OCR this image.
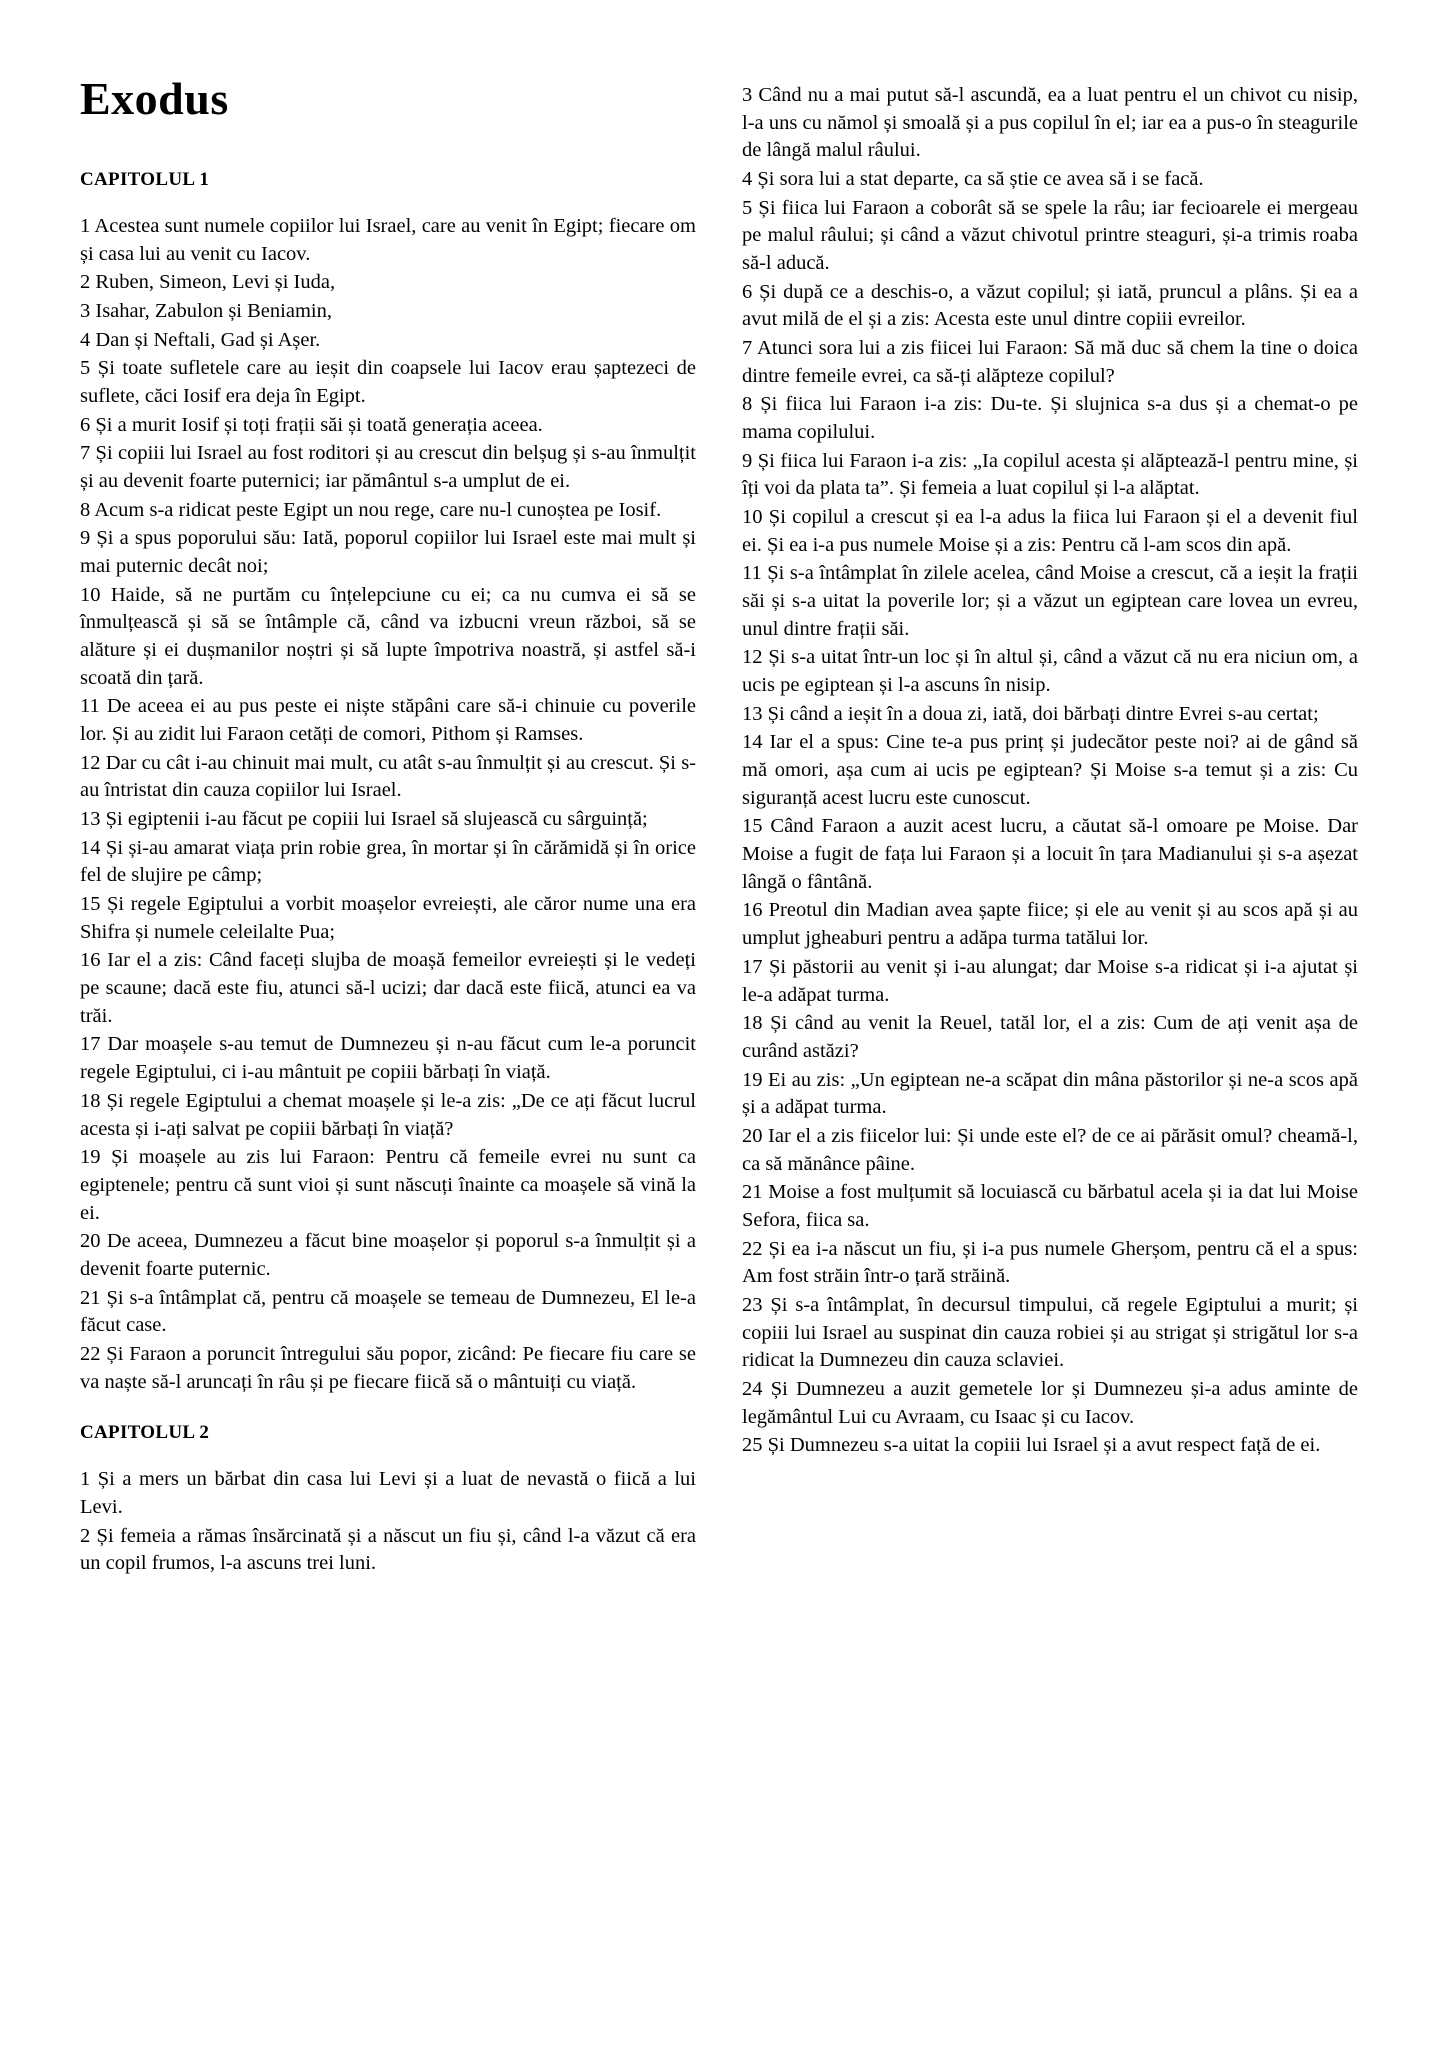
Exodus
CAPITOLUL 1

1 Acestea sunt numele copiilor lui Israel, care au venit în Egipt; fiecare om și casa lui au venit cu Iacov.

2 Ruben, Simeon, Levi și Iuda,

3 Isahar, Zabulon și Beniamin,

4 Dan și Neftali, Gad și Așer.

5 Și toate sufletele care au ieșit din coapsele lui Iacov erau șaptezeci de suflete, căci Iosif era deja în Egipt.

6 Și a murit Iosif și toți frații săi și toată generația aceea.

7 Și copiii lui Israel au fost roditori și au crescut din belșug și s-au înmulțit și au devenit foarte puternici; iar pământul s-a umplut de ei.

8 Acum s-a ridicat peste Egipt un nou rege, care nu-l cunoștea pe Iosif.

9 Și a spus poporului său: Iată, poporul copiilor lui Israel este mai mult și mai puternic decât noi;

10 Haide, să ne purtăm cu înțelepciune cu ei; ca nu cumva ei să se înmulțească și să se întâmple că, când va izbucni vreun război, să se alăture și ei dușmanilor noștri și să lupte împotriva noastră, și astfel să-i scoată din țară.

11 De aceea ei au pus peste ei niște stăpâni care să-i chinuie cu poverile lor. Și au zidit lui Faraon cetăți de comori, Pithom și Ramses.

12 Dar cu cât i-au chinuit mai mult, cu atât s-au înmulțit și au crescut. Și s-au întristat din cauza copiilor lui Israel.

13 Și egiptenii i-au făcut pe copiii lui Israel să slujească cu sârguință;

14 Și și-au amarat viața prin robie grea, în mortar și în cărămidă și în orice fel de slujire pe câmp;

15 Și regele Egiptului a vorbit moașelor evreiești, ale căror nume una era Shifra și numele celeilalte Pua;

16 Iar el a zis: Când faceți slujba de moașă femeilor evreiești și le vedeți pe scaune; dacă este fiu, atunci să-l ucizi; dar dacă este fiică, atunci ea va trăi.

17 Dar moașele s-au temut de Dumnezeu și n-au făcut cum le-a poruncit regele Egiptului, ci i-au mântuit pe copiii bărbați în viață.

18 Și regele Egiptului a chemat moașele și le-a zis: „De ce ați făcut lucrul acesta și i-ați salvat pe copiii bărbați în viață?

19 Și moașele au zis lui Faraon: Pentru că femeile evrei nu sunt ca egiptenele; pentru că sunt vioi și sunt născuți înainte ca moașele să vină la ei.

20 De aceea, Dumnezeu a făcut bine moașelor și poporul s-a înmulțit și a devenit foarte puternic.

21 Și s-a întâmplat că, pentru că moașele se temeau de Dumnezeu, El le-a făcut case.

22 Și Faraon a poruncit întregului său popor, zicând: Pe fiecare fiu care se va naște să-l aruncați în râu și pe fiecare fiică să o mântuiți cu viață.

CAPITOLUL 2

1 Și a mers un bărbat din casa lui Levi și a luat de nevastă o fiică a lui Levi.

2 Și femeia a rămas însărcinată și a născut un fiu și, când l-a văzut că era un copil frumos, l-a ascuns trei luni.

3 Când nu a mai putut să-l ascundă, ea a luat pentru el un chivot cu nisip, l-a uns cu nămol și smoală și a pus copilul în el; iar ea a pus-o în steagurile de lângă malul râului.

4 Și sora lui a stat departe, ca să știe ce avea să i se facă.

5 Și fiica lui Faraon a coborât să se spele la râu; iar fecioarele ei mergeau pe malul râului; și când a văzut chivotul printre steaguri, și-a trimis roaba să-l aducă.

6 Și după ce a deschis-o, a văzut copilul; și iată, pruncul a plâns. Și ea a avut milă de el și a zis: Acesta este unul dintre copiii evreilor.

7 Atunci sora lui a zis fiicei lui Faraon: Să mă duc să chem la tine o doica dintre femeile evrei, ca să-ți alăpteze copilul?

8 Și fiica lui Faraon i-a zis: Du-te. Și slujnica s-a dus și a chemat-o pe mama copilului.

9 Și fiica lui Faraon i-a zis: „Ia copilul acesta și alăptează-l pentru mine, și îți voi da plata ta”. Și femeia a luat copilul și l-a alăptat.

10 Și copilul a crescut și ea l-a adus la fiica lui Faraon și el a devenit fiul ei. Și ea i-a pus numele Moise și a zis: Pentru că l-am scos din apă.

11 Și s-a întâmplat în zilele acelea, când Moise a crescut, că a ieșit la frații săi și s-a uitat la poverile lor; și a văzut un egiptean care lovea un evreu, unul dintre frații săi.

12 Și s-a uitat într-un loc și în altul și, când a văzut că nu era niciun om, a ucis pe egiptean și l-a ascuns în nisip.

13 Și când a ieșit în a doua zi, iată, doi bărbați dintre Evrei s-au certat;

14 Iar el a spus: Cine te-a pus prinț și judecător peste noi? ai de gând să mă omori, așa cum ai ucis pe egiptean? Și Moise s-a temut și a zis: Cu siguranță acest lucru este cunoscut.

15 Când Faraon a auzit acest lucru, a căutat să-l omoare pe Moise. Dar Moise a fugit de fața lui Faraon și a locuit în țara Madianului și s-a așezat lângă o fântână.

16 Preotul din Madian avea șapte fiice; și ele au venit și au scos apă și au umplut jgheaburi pentru a adăpa turma tatălui lor.

17 Și păstorii au venit și i-au alungat; dar Moise s-a ridicat și i-a ajutat și le-a adăpat turma.

18 Și când au venit la Reuel, tatăl lor, el a zis: Cum de ați venit așa de curând astăzi?

19 Ei au zis: „Un egiptean ne-a scăpat din mâna păstorilor și ne-a scos apă și a adăpat turma.

20 Iar el a zis fiicelor lui: Și unde este el? de ce ai părăsit omul? cheamă-l, ca să mănânce pâine.

21 Moise a fost mulțumit să locuiască cu bărbatul acela și ia dat lui Moise Sefora, fiica sa.

22 Și ea i-a născut un fiu, și i-a pus numele Gherșom, pentru că el a spus: Am fost străin într-o țară străină.

23 Și s-a întâmplat, în decursul timpului, că regele Egiptului a murit; și copiii lui Israel au suspinat din cauza robiei și au strigat și strigătul lor s-a ridicat la Dumnezeu din cauza sclaviei.

24 Și Dumnezeu a auzit gemetele lor și Dumnezeu și-a adus aminte de legământul Lui cu Avraam, cu Isaac și cu Iacov.

25 Și Dumnezeu s-a uitat la copiii lui Israel și a avut respect față de ei.
